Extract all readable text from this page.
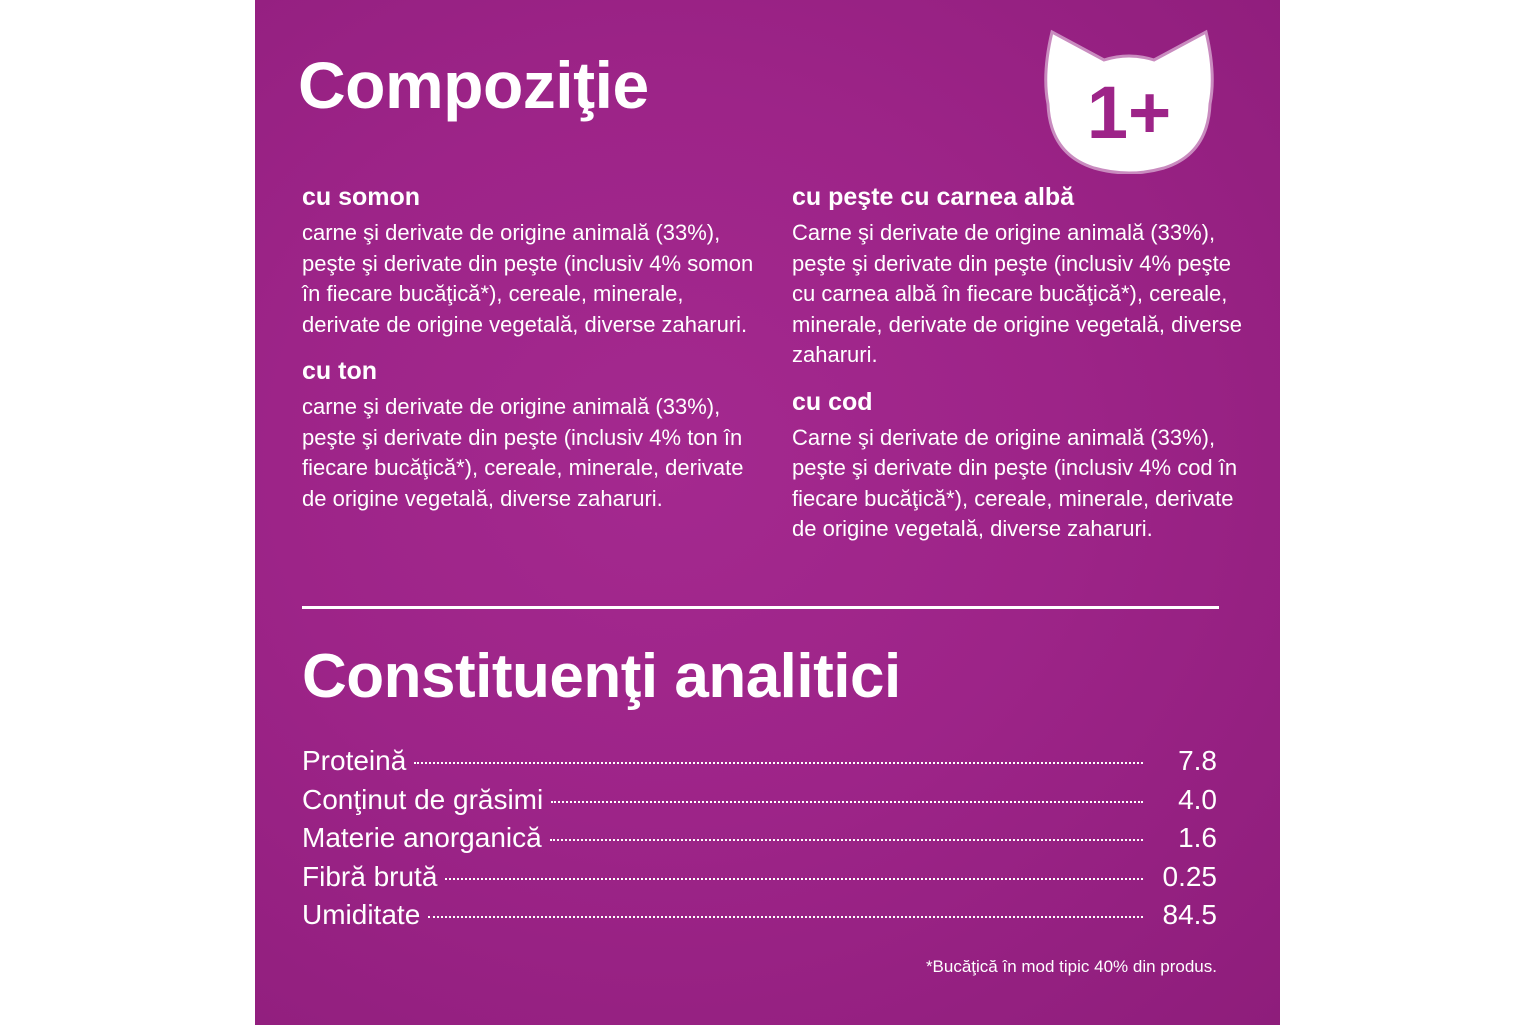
Compoziţie	1+
cu somon

carne şi derivate de origine animală (33%), peşte şi derivate din peşte (inclusiv 4% somon în fiecare bucăţică*), cereale, minerale, derivate de origine vegetală, diverse zaharuri.

cu ton

carne şi derivate de origine animală (33%), peşte şi derivate din peşte (inclusiv 4% ton în fiecare bucăţică*), cereale, minerale, derivate de origine vegetală, diverse zaharuri.

cu peşte cu carnea albă

Carne şi derivate de origine animală (33%), peşte şi derivate din peşte (inclusiv 4% peşte cu carnea albă în fiecare bucăţică*), cereale, minerale, derivate de origine vegetală, diverse zaharuri.

cu cod

Carne şi derivate de origine animală (33%), peşte şi derivate din peşte (inclusiv 4% cod în fiecare bucăţică*), cereale, minerale, derivate de origine vegetală, diverse zaharuri.

Constituenţi analitici
Proteină	7.8
Conţinut de grăsimi	4.0
Materie anorganică	1.6
Fibră brută	0.25
Umiditate	84.5

*Bucăţică în mod tipic 40% din produs.
